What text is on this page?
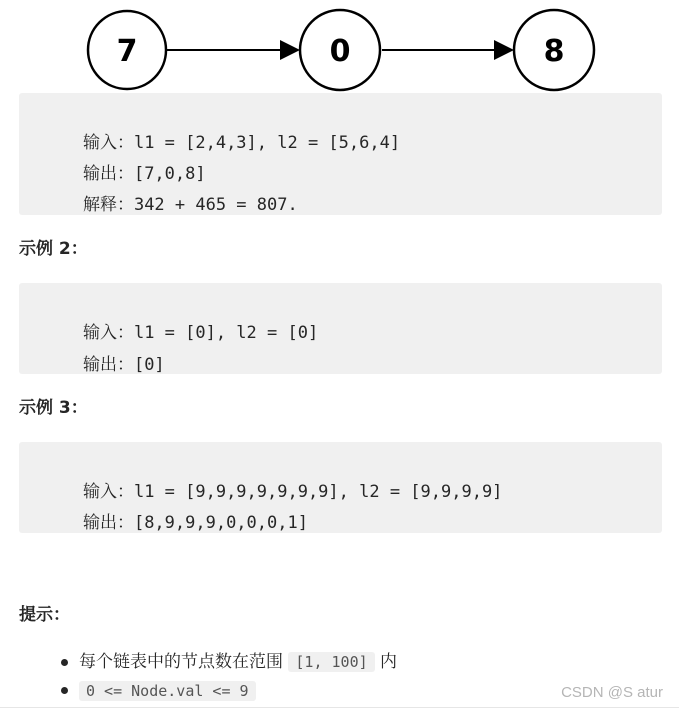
7	0	8

输入：l1 = [2,4,3], l2 = [5,6,4]

输出：[7,0,8]

解释：342 + 465 = 807.

示例 2：

输入：l1 = [0], l2 = [0]

输出：[0]

示例 3：

输入：l1 = [9,9,9,9,9,9,9], l2 = [9,9,9,9]

输出：[8,9,9,9,0,0,0,1]

提示：
每个链表中的节点数在范围 [1, 100] 内
0 <= Node.val <= 9	CSDN @S atur
